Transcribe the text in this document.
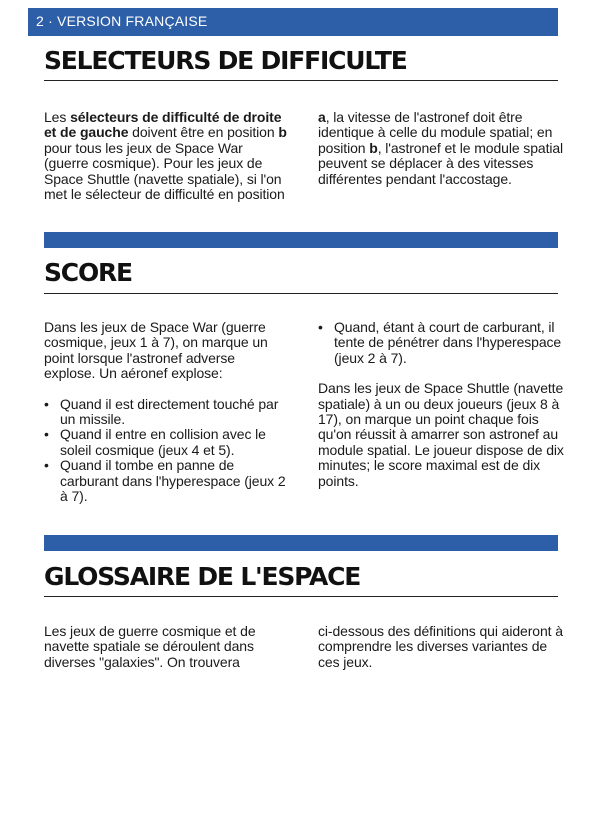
2 · VERSION FRANÇAISE
SELECTEURS DE DIFFICULTE

Les sélecteurs de difficulté de droite et de gauche doivent être en position b pour tous les jeux de Space War (guerre cosmique). Pour les jeux de Space Shuttle (navette spatiale), si l'on met le sélecteur de difficulté en position

a, la vitesse de l'astronef doit être identique à celle du module spatial; en position b, l'astronef et le module spatial peuvent se déplacer à des vitesses différentes pendant l'accostage.

SCORE

Dans les jeux de Space War (guerre cosmique, jeux 1 à 7), on marque un point lorsque l'astronef adverse explose. Un aéronef explose:

• Quand il est directement touché par un missile.
• Quand il entre en collision avec le soleil cosmique (jeux 4 et 5).
• Quand il tombe en panne de carburant dans l'hyperespace (jeux 2 à 7).
• Quand, étant à court de carburant, il tente de pénétrer dans l'hyperespace (jeux 2 à 7).

Dans les jeux de Space Shuttle (navette spatiale) à un ou deux joueurs (jeux 8 à 17), on marque un point chaque fois qu'on réussit à amarrer son astronef au module spatial. Le joueur dispose de dix minutes; le score maximal est de dix points.

GLOSSAIRE DE L'ESPACE

Les jeux de guerre cosmique et de navette spatiale se déroulent dans diverses "galaxies". On trouvera

ci-dessous des définitions qui aideront à comprendre les diverses variantes de ces jeux.
